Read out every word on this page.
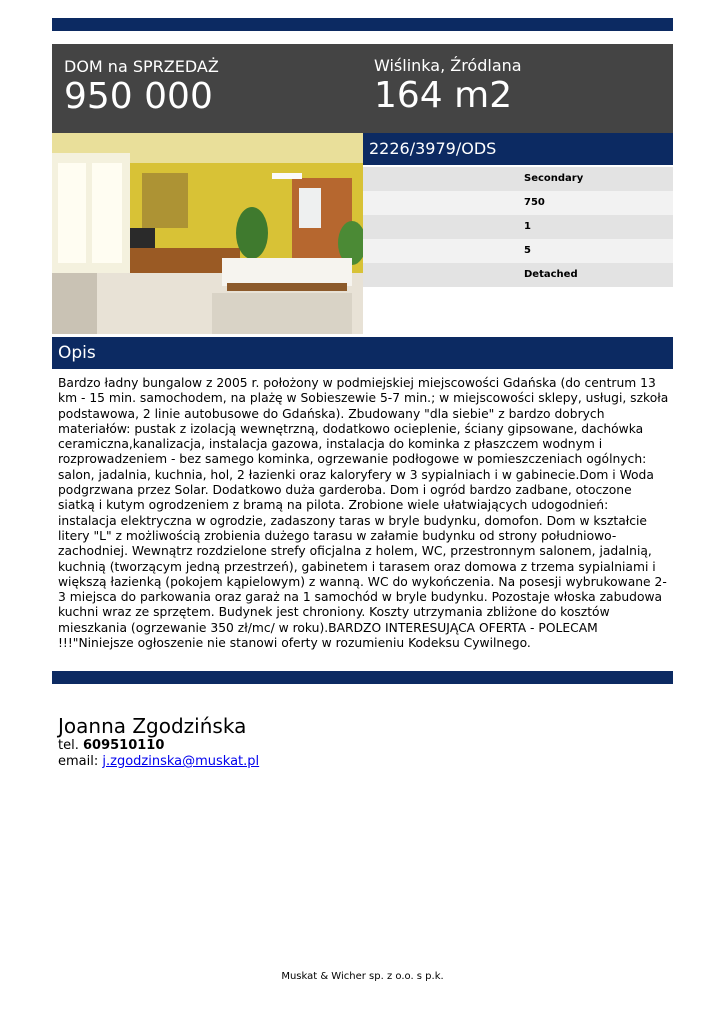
DOM na SPRZEDAŻ
950 000
Wiślinka, Źródlana
164 m2
2226/3979/ODS
Secondary
750
1
5
Detached
Opis

Bardzo ładny bungalow z 2005 r. położony w podmiejskiej miejscowości Gdańska (do centrum 13 km - 15 min. samochodem, na plażę w Sobieszewie 5-7 min.; w miejscowości sklepy, usługi, szkoła podstawowa, 2 linie autobusowe do Gdańska). Zbudowany "dla siebie" z bardzo dobrych materiałów: pustak z izolacją wewnętrzną, dodatkowo ocieplenie, ściany gipsowane, dachówka ceramiczna,kanalizacja, instalacja gazowa, instalacja do kominka z płaszczem wodnym i rozprowadzeniem - bez samego kominka, ogrzewanie podłogowe w pomieszczeniach ogólnych: salon, jadalnia, kuchnia, hol, 2 łazienki oraz kaloryfery w 3 sypialniach i w gabinecie.Dom i Woda podgrzwana przez Solar. Dodatkowo duża garderoba. Dom i ogród bardzo zadbane, otoczone siatką i kutym ogrodzeniem z bramą na pilota. Zrobione wiele ułatwiających udogodnień: instalacja elektryczna w ogrodzie, zadaszony taras w bryle budynku, domofon. Dom w kształcie litery "L" z możliwością zrobienia dużego tarasu w załamie budynku od strony południowo-zachodniej. Wewnątrz rozdzielone strefy oficjalna z holem, WC, przestronnym salonem, jadalnią, kuchnią (tworzącym jedną przestrzeń), gabinetem i tarasem oraz domowa z trzema sypialniami i większą łazienką (pokojem kąpielowym) z wanną. WC do wykończenia. Na posesji wybrukowane 2-3 miejsca do parkowania oraz garaż na 1 samochód w bryle budynku. Pozostaje włoska zabudowa kuchni wraz ze sprzętem. Budynek jest chroniony. Koszty utrzymania zbliżone do kosztów mieszkania (ogrzewanie 350 zł/mc/ w roku).BARDZO INTERESUJĄCA OFERTA - POLECAM !!!"Niniejsze ogłoszenie nie stanowi oferty w rozumieniu Kodeksu Cywilnego.

Joanna Zgodzińska
tel. 609510110
email: j.zgodzinska@muskat.pl
Muskat & Wicher sp. z o.o. s p.k.
